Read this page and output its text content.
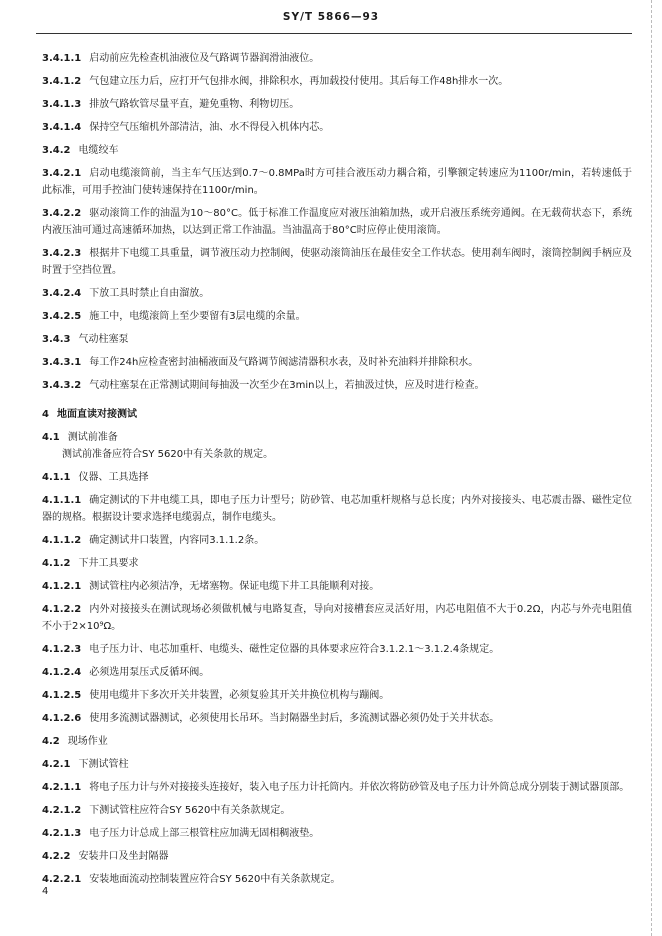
SY/T 5866—93

3.4.1.1 启动前应先检查机油液位及气路调节器润滑油液位。

3.4.1.2 气包建立压力后，应打开气包排水阀，排除积水，再加载投付使用。其后每工作48h排水一次。

3.4.1.3 排放气路软管尽量平直，避免重物、利物切压。

3.4.1.4 保持空气压缩机外部清洁，油、水不得侵入机体内芯。

3.4.2 电缆绞车

3.4.2.1 启动电缆滚筒前，当主车气压达到0.7～0.8MPa时方可挂合液压动力耦合箱，引擎额定转速应为1100r/min，若转速低于此标准，可用手控油门使转速保持在1100r/min。

3.4.2.2 驱动滚筒工作的油温为10～80°C。低于标准工作温度应对液压油箱加热，或开启液压系统旁通阀。在无载荷状态下，系统内液压油可通过高速循环加热，以达到正常工作油温。当油温高于80°C时应停止使用滚筒。

3.4.2.3 根据井下电缆工具重量，调节液压动力控制阀，使驱动滚筒油压在最佳安全工作状态。使用刹车阀时，滚筒控制阀手柄应及时置于空挡位置。

3.4.2.4 下放工具时禁止自由溜放。

3.4.2.5 施工中，电缆滚筒上至少要留有3层电缆的余量。

3.4.3 气动柱塞泵

3.4.3.1 每工作24h应检查密封油桶液面及气路调节阀滤清器积水表，及时补充油料并排除积水。

3.4.3.2 气动柱塞泵在正常测试期间每抽汲一次至少在3min以上，若抽汲过快，应及时进行检查。

4 地面直读对接测试

4.1 测试前准备

测试前准备应符合SY 5620中有关条款的规定。

4.1.1 仪器、工具选择

4.1.1.1 确定测试的下井电缆工具，即电子压力计型号；防砂管、电芯加重杆规格与总长度；内外对接接头、电芯震击器、磁性定位器的规格。根据设计要求选择电缆弱点，制作电缆头。

4.1.1.2 确定测试井口装置，内容同3.1.1.2条。

4.1.2 下井工具要求

4.1.2.1 测试管柱内必须洁净，无堵塞物。保证电缆下井工具能顺利对接。

4.1.2.2 内外对接接头在测试现场必须做机械与电路复查，导向对接槽套应灵活好用，内芯电阻值不大于0.2Ω，内芯与外壳电阻值不小于2×10⁹Ω。

4.1.2.3 电子压力计、电芯加重杆、电缆头、磁性定位器的具体要求应符合3.1.2.1～3.1.2.4条规定。

4.1.2.4 必须选用泵压式反循环阀。

4.1.2.5 使用电缆井下多次开关井装置，必须复验其开关井换位机构与蹦阀。

4.1.2.6 使用多流测试器测试，必须使用长吊环。当封隔器坐封后，多流测试器必须仍处于关井状态。

4.2 现场作业

4.2.1 下测试管柱

4.2.1.1 将电子压力计与外对接接头连接好，装入电子压力计托筒内。并依次将防砂管及电子压力计外筒总成分别装于测试器顶部。

4.2.1.2 下测试管柱应符合SY 5620中有关条款规定。

4.2.1.3 电子压力计总成上部三根管柱应加满无固相稠液垫。

4.2.2 安装井口及坐封隔器

4.2.2.1 安装地面流动控制装置应符合SY 5620中有关条款规定。

4
